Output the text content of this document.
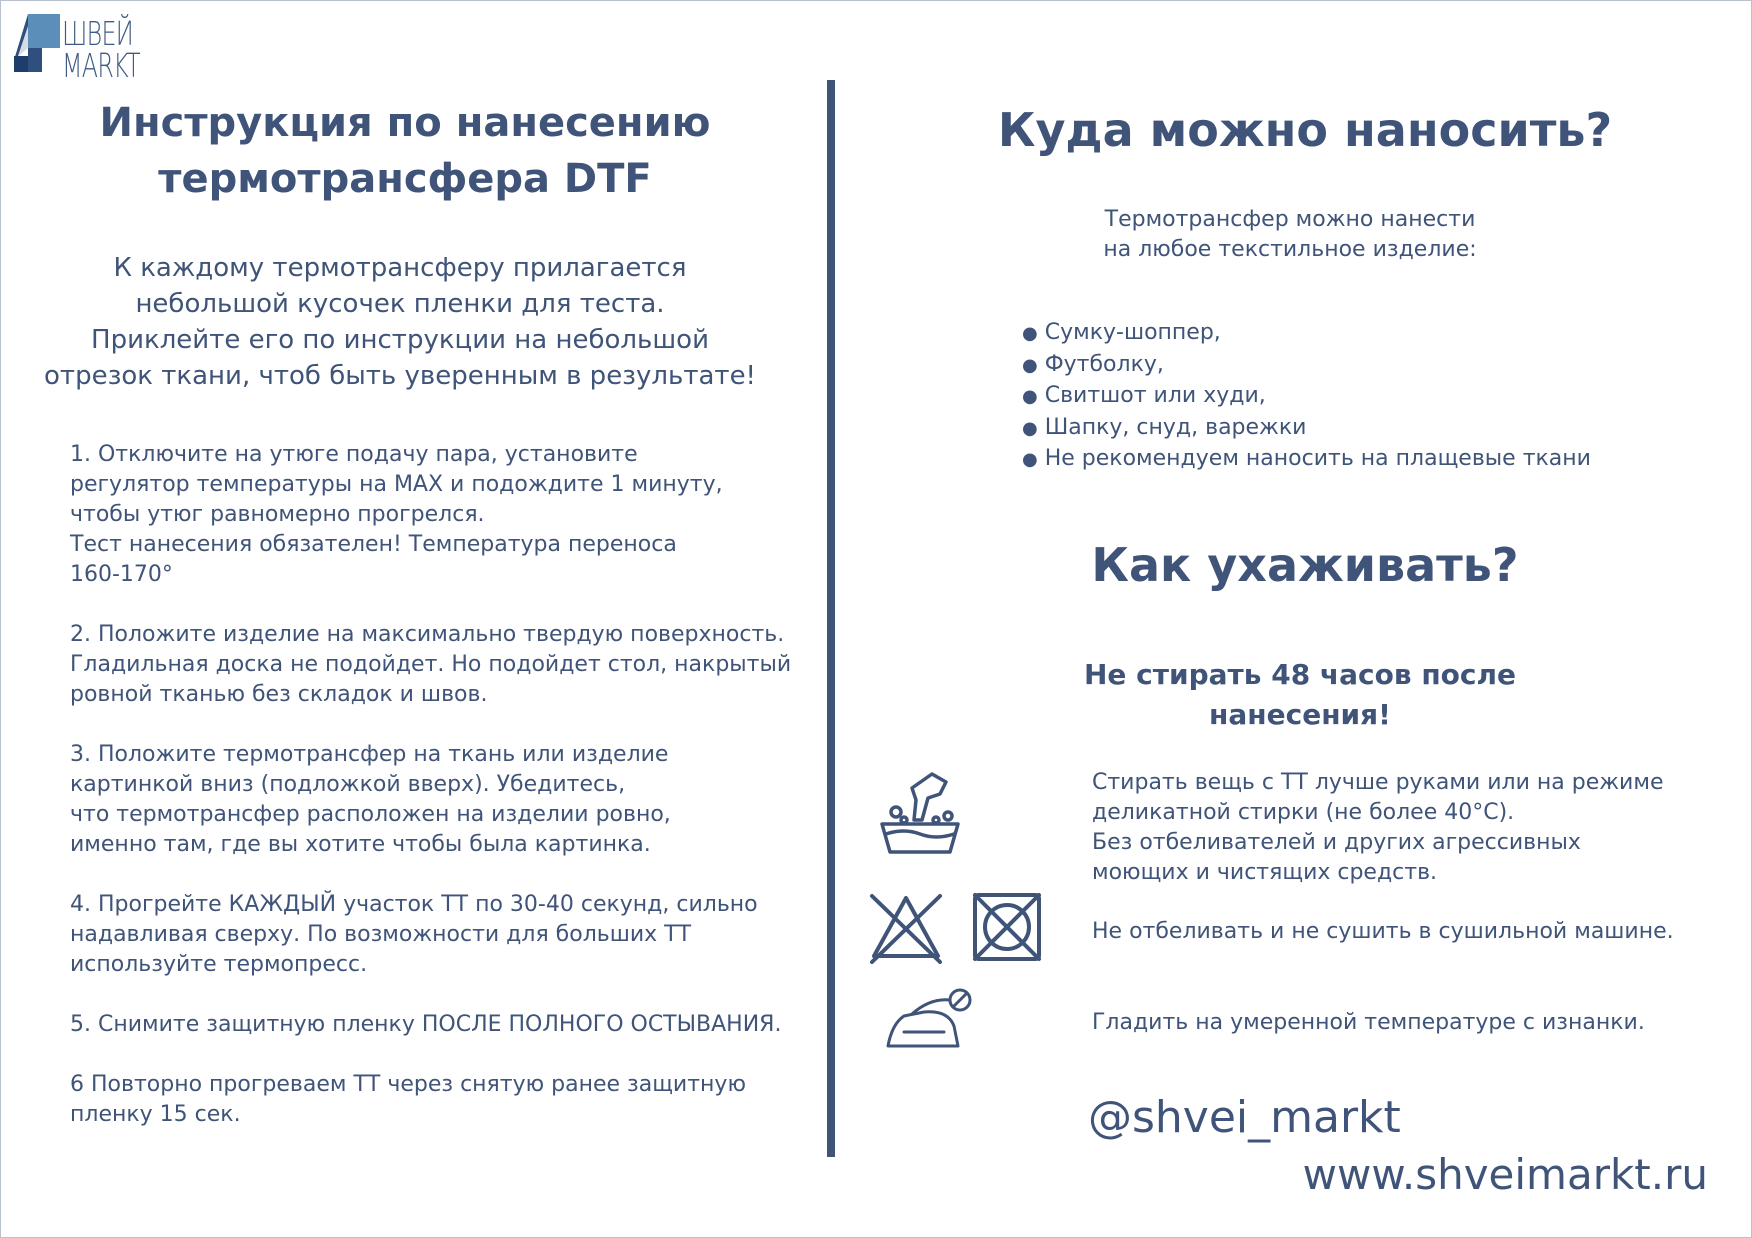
ШВЕЙ
MARKT
Инструкция по нанесению
термотрансфера DTF
К каждому термотрансферу прилагается
небольшой кусочек пленки для теста.
Приклейте его по инструкции на небольшой
отрезок ткани, чтоб быть уверенным в результате!
1. Отключите на утюге подачу пара, установите
регулятор температуры на MAX и подождите 1 минуту,
чтобы утюг равномерно прогрелся.
Тест нанесения обязателен! Температура переноса
160-170°
2. Положите изделие на максимально твердую поверхность.
Гладильная доска не подойдет. Но подойдет стол, накрытый
ровной тканью без складок и швов.
3. Положите термотрансфер на ткань или изделие
картинкой вниз (подложкой вверх). Убедитесь,
что термотрансфер расположен на изделии ровно,
именно там, где вы хотите чтобы была картинка.
4. Прогрейте КАЖДЫЙ участок ТТ по 30-40 секунд, сильно
надавливая сверху. По возможности для больших ТТ
используйте термопресс.
5. Снимите защитную пленку ПОСЛЕ ПОЛНОГО ОСТЫВАНИЯ.
6 Повторно прогреваем ТТ через снятую ранее защитную
пленку 15 сек.
Куда можно наносить?
Термотрансфер можно нанести
на любое текстильное изделие:
● Сумку-шоппер,
● Футболку,
● Свитшот или худи,
● Шапку, снуд, варежки
● Не рекомендуем наносить на плащевые ткани
Как ухаживать?
Не стирать 48 часов после
нанесения!
Стирать вещь с ТТ лучше руками или на режиме
деликатной стирки (не более 40°C).
Без отбеливателей и других агрессивных
моющих и чистящих средств.
Не отбеливать и не сушить в сушильной машине.
Гладить на умеренной температуре с изнанки.
@shvei_markt
www.shveimarkt.ru
